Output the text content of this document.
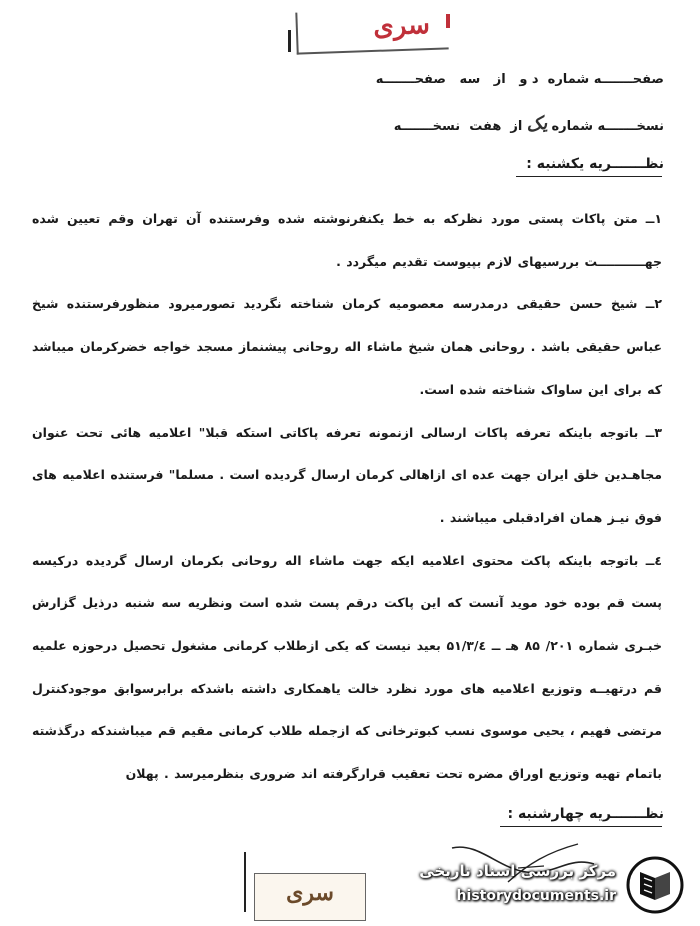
سری
صفحـــــــه شماره  د و   از   سه   صفحـــــــه
نسخـــــــه شمارهیکاز  هفت  نسخـــــــه
نظـــــــریه یکشنبه :

۱ــ متن پاکات پستی مورد نظرکه به خط یکنفرنوشته شده وفرستنده آن تهران وقم تعیین شده جهـــــــــــت بررسیهای لازم بپیوست تقدیم میگردد .

۲ــ شیخ حسن حقیقی درمدرسه معصومیه کرمان شناخته نگردید تصورمیرود منظورفرستنده شیخ عباس حقیقی باشد . روحانی همان شیخ ماشاء اله روحانی پیشنماز مسجد خواجه خضرکرمان میباشد که برای این ساواک شناخته شده است.

۳ــ باتوجه باینکه تعرفه پاکات ارسالی ازنمونه تعرفه پاکاتی استکه قبلا" اعلامیه هائی تحت عنوان مجاهـدین خلق ایران جهت عده ای ازاهالی کرمان ارسال گردیده است . مسلما" فرستنده اعلامیه های فوق نیـز همان افرادقبلی میباشند .

٤ــ باتوجه باینکه پاکت محتوی اعلامیه ایکه جهت ماشاء اله روحانی بکرمان ارسال گردیده درکیسه پست قم بوده خود موید آنست که این پاکت درقم پست شده است ونظریه سه شنبه درذیل گزارش خبـری شماره ۲۰۱/ ۸۵ هـ ــ ۵۱/۳/٤ بعید نیست که یکی ازطلاب کرمانی مشغول تحصیل درحوزه علمیه قم درتهیــه وتوزیع اعلامیه های مورد نظرد خالت یاهمکاری داشته باشدکه برابرسوابق موجودکنترل مرتضی فهیم ، یحیی موسوی نسب کبوترخانی که ازجمله طلاب کرمانی مقیم قم میباشندکه درگذشته باتمام تهیه وتوزیع اوراق مضره تحت تعقیب قرارگرفته اند ضروری بنظرمیرسد . پهلان

نظـــــــریه چهارشنبه :
سری
مرکز بررسی اسناد تاریخی
historydocuments.ir
